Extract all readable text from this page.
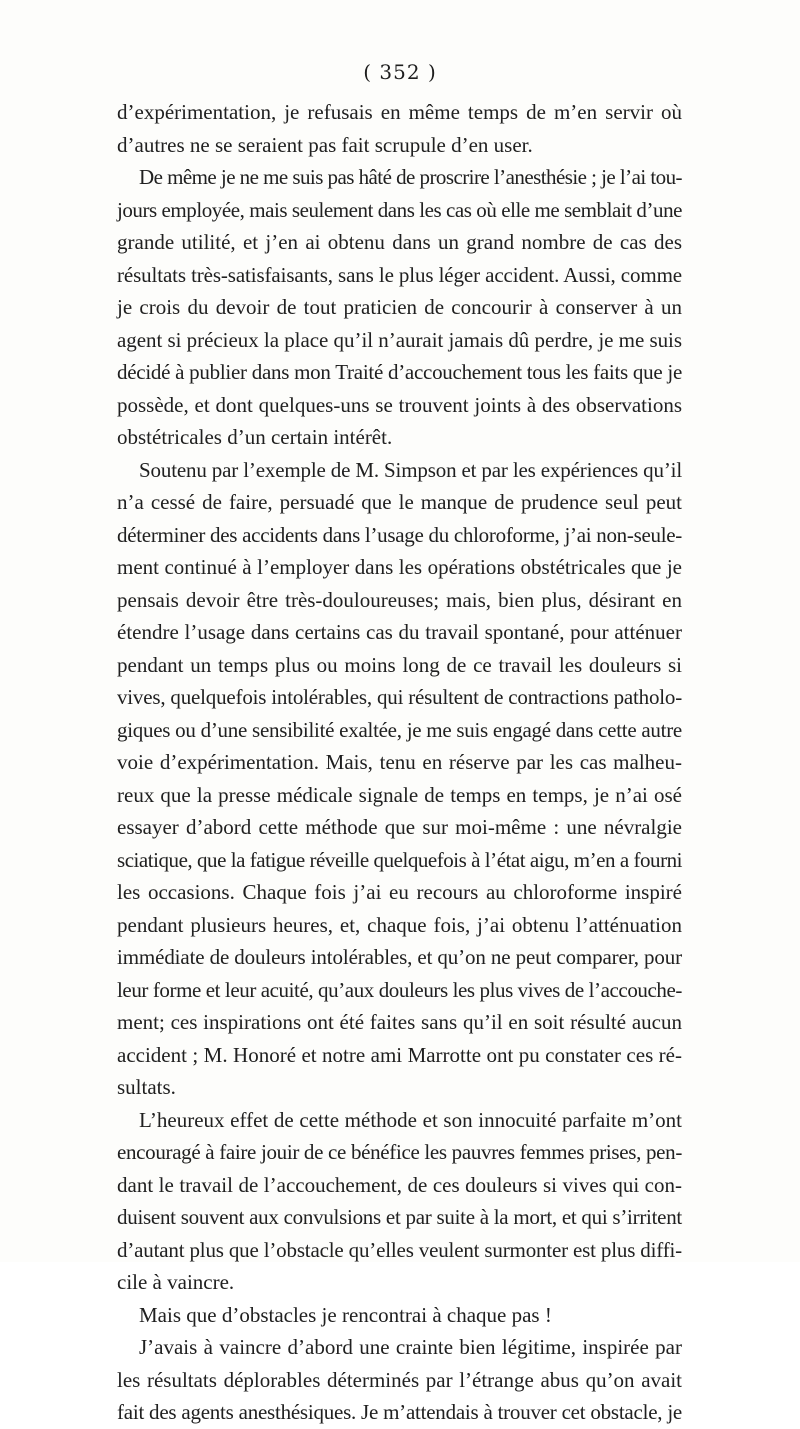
( 352 )
d’expérimentation, je refusais en même temps de m’en servir où
d’autres ne se seraient pas fait scrupule d’en user.
De même je ne me suis pas hâté de proscrire l’anesthésie ; je l’ai tou-
jours employée, mais seulement dans les cas où elle me semblait d’une
grande utilité, et j’en ai obtenu dans un grand nombre de cas des
résultats très-satisfaisants, sans le plus léger accident. Aussi, comme
je crois du devoir de tout praticien de concourir à conserver à un
agent si précieux la place qu’il n’aurait jamais dû perdre, je me suis
décidé à publier dans mon Traité d’accouchement tous les faits que je
possède, et dont quelques-uns se trouvent joints à des observations
obstétricales d’un certain intérêt.
Soutenu par l’exemple de M. Simpson et par les expériences qu’il
n’a cessé de faire, persuadé que le manque de prudence seul peut
déterminer des accidents dans l’usage du chloroforme, j’ai non-seule-
ment continué à l’employer dans les opérations obstétricales que je
pensais devoir être très-douloureuses; mais, bien plus, désirant en
étendre l’usage dans certains cas du travail spontané, pour atténuer
pendant un temps plus ou moins long de ce travail les douleurs si
vives, quelquefois intolérables, qui résultent de contractions patholo-
giques ou d’une sensibilité exaltée, je me suis engagé dans cette autre
voie d’expérimentation. Mais, tenu en réserve par les cas malheu-
reux que la presse médicale signale de temps en temps, je n’ai osé
essayer d’abord cette méthode que sur moi-même : une névralgie
sciatique, que la fatigue réveille quelquefois à l’état aigu, m’en a fourni
les occasions. Chaque fois j’ai eu recours au chloroforme inspiré
pendant plusieurs heures, et, chaque fois, j’ai obtenu l’atténuation
immédiate de douleurs intolérables, et qu’on ne peut comparer, pour
leur forme et leur acuité, qu’aux douleurs les plus vives de l’accouche-
ment; ces inspirations ont été faites sans qu’il en soit résulté aucun
accident ; M. Honoré et notre ami Marrotte ont pu constater ces ré-
sultats.
L’heureux effet de cette méthode et son innocuité parfaite m’ont
encouragé à faire jouir de ce bénéfice les pauvres femmes prises, pen-
dant le travail de l’accouchement, de ces douleurs si vives qui con-
duisent souvent aux convulsions et par suite à la mort, et qui s’irritent
d’autant plus que l’obstacle qu’elles veulent surmonter est plus diffi-
cile à vaincre.
Mais que d’obstacles je rencontrai à chaque pas !
J’avais à vaincre d’abord une crainte bien légitime, inspirée par
les résultats déplorables déterminés par l’étrange abus qu’on avait
fait des agents anesthésiques. Je m’attendais à trouver cet obstacle, je
